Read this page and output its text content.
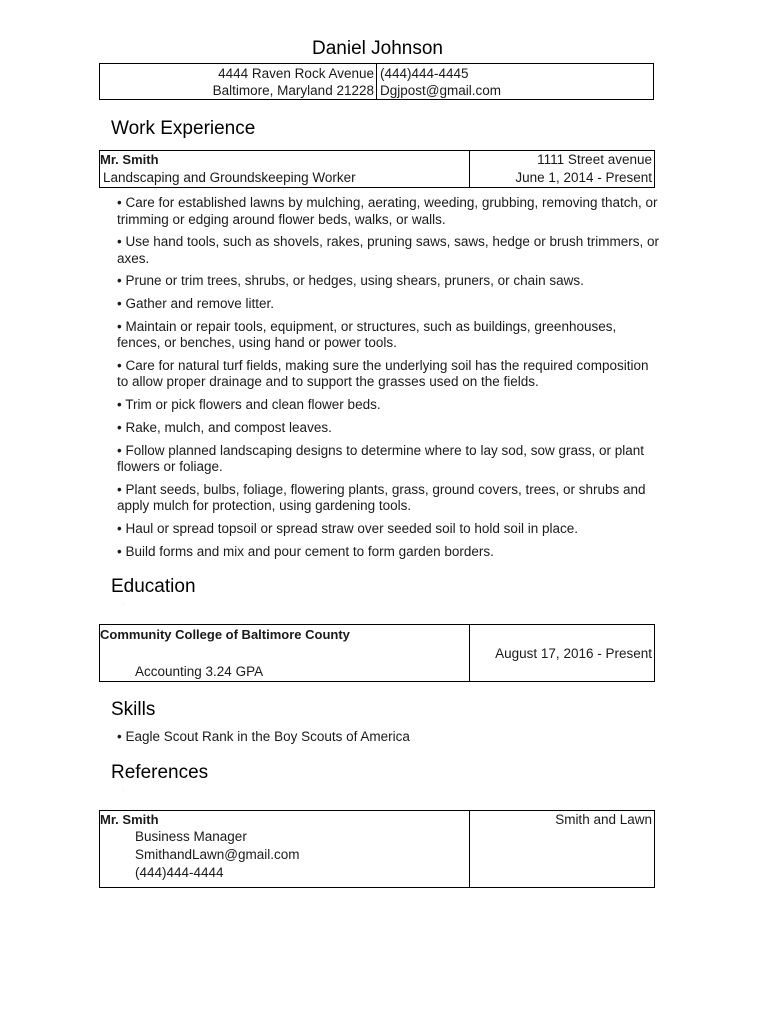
Daniel Johnson
4444 Raven Rock Avenue
Baltimore, Maryland 21228
(444)444-4445
Dgjpost@gmail.com
Work Experience
Mr. Smith
Landscaping and Groundskeeping Worker
1111 Street avenue
June 1, 2014 - Present
• Care for established lawns by mulching, aerating, weeding, grubbing, removing thatch, or trimming or edging around flower beds, walks, or walls.
• Use hand tools, such as shovels, rakes, pruning saws, saws, hedge or brush trimmers, or axes.
• Prune or trim trees, shrubs, or hedges, using shears, pruners, or chain saws.
• Gather and remove litter.
• Maintain or repair tools, equipment, or structures, such as buildings, greenhouses, fences, or benches, using hand or power tools.
• Care for natural turf fields, making sure the underlying soil has the required composition to allow proper drainage and to support the grasses used on the fields.
• Trim or pick flowers and clean flower beds.
• Rake, mulch, and compost leaves.
• Follow planned landscaping designs to determine where to lay sod, sow grass, or plant flowers or foliage.
• Plant seeds, bulbs, foliage, flowering plants, grass, ground covers, trees, or shrubs and apply mulch for protection, using gardening tools.
• Haul or spread topsoil or spread straw over seeded soil to hold soil in place.
• Build forms and mix and pour cement to form garden borders.
Education
·
Community College of Baltimore County
Accounting 3.24 GPA
August 17, 2016 - Present
Skills
• Eagle Scout Rank in the Boy Scouts of America
References
·
Mr. Smith
Business Manager
SmithandLawn@gmail.com
(444)444-4444
Smith and Lawn
